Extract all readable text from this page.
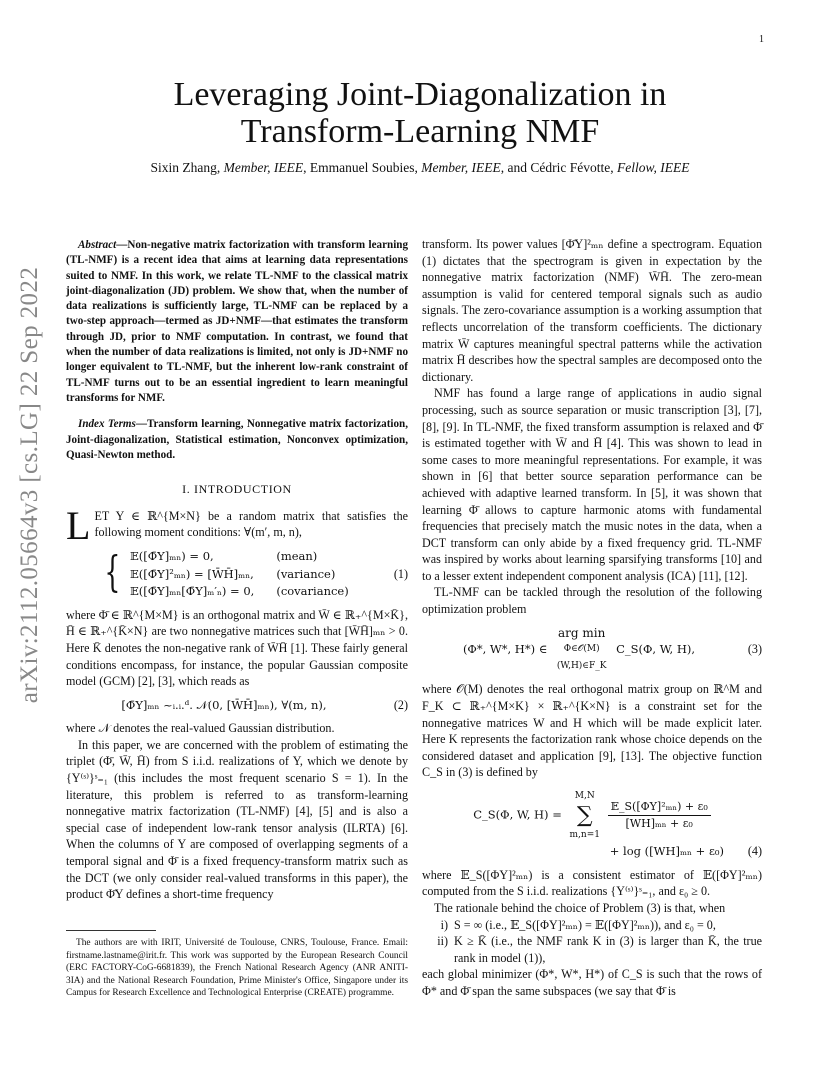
1
arXiv:2112.05664v3 [cs.LG] 22 Sep 2022
Leveraging Joint-Diagonalization in
Transform-Learning NMF
Sixin Zhang, Member, IEEE, Emmanuel Soubies, Member, IEEE, and Cédric Févotte, Fellow, IEEE

Abstract—Non-negative matrix factorization with transform learning (TL-NMF) is a recent idea that aims at learning data representations suited to NMF. In this work, we relate TL-NMF to the classical matrix joint-diagonalization (JD) problem. We show that, when the number of data realizations is sufficiently large, TL-NMF can be replaced by a two-step approach—termed as JD+NMF—that estimates the transform through JD, prior to NMF computation. In contrast, we found that when the number of data realizations is limited, not only is JD+NMF no longer equivalent to TL-NMF, but the inherent low-rank constraint of TL-NMF turns out to be an essential ingredient to learn meaningful transforms for NMF.

Index Terms—Transform learning, Nonnegative matrix factorization, Joint-diagonalization, Statistical estimation, Nonconvex optimization, Quasi-Newton method.

I. INTRODUCTION

LET Y ∈ ℝ^{M×N} be a random matrix that satisfies the following moment conditions: ∀(m′, m, n),

{ 𝔼([Φ̄Y]ₘₙ) = 0,	(mean)
𝔼([Φ̄Y]²ₘₙ) = [W̄H̄]ₘₙ, (variance)
𝔼([Φ̄Y]ₘₙ[Φ̄Y]ₘ′ₙ) = 0, (covariance)
(1)

where Φ̄ ∈ ℝ^{M×M} is an orthogonal matrix and W̄ ∈ ℝ₊^{M×K̄}, H̄ ∈ ℝ₊^{K̄×N} are two nonnegative matrices such that [W̄H̄]ₘₙ > 0. Here K̄ denotes the non-negative rank of W̄H̄ [1]. These fairly general conditions encompass, for instance, the popular Gaussian composite model (GCM) [2], [3], which reads as

[Φ̄Y]ₘₙ ~ᵢ.ᵢ.ᵈ. 𝒩(0, [W̄H̄]ₘₙ), ∀(m, n),	(2)

where 𝒩 denotes the real-valued Gaussian distribution.

In this paper, we are concerned with the problem of estimating the triplet (Φ̄, W̄, H̄) from S i.i.d. realizations of Y, which we denote by {Y⁽ˢ⁾}ˢ₌₁ (this includes the most frequent scenario S = 1). In the literature, this problem is referred to as transform-learning nonnegative matrix factorization (TL-NMF) [4], [5] and is also a special case of independent low-rank tensor analysis (ILRTA) [6]. When the columns of Y are composed of overlapping segments of a temporal signal and Φ̄ is a fixed frequency-transform matrix such as the DCT (we only consider real-valued transforms in this paper), the product Φ̄Y defines a short-time frequency

The authors are with IRIT, Université de Toulouse, CNRS, Toulouse, France. Email: firstname.lastname@irit.fr. This work was supported by the European Research Council (ERC FACTORY-CoG-6681839), the French National Research Agency (ANR ANITI-3IA) and the National Research Foundation, Prime Minister's Office, Singapore under its Campus for Research Excellence and Technological Enterprise (CREATE) programme.

transform. Its power values [Φ̄Y]²ₘₙ define a spectrogram. Equation (1) dictates that the spectrogram is given in expectation by the nonnegative matrix factorization (NMF) W̄H̄. The zero-mean assumption is valid for centered temporal signals such as audio signals. The zero-covariance assumption is a working assumption that reflects uncorrelation of the transform coefficients. The dictionary matrix W̄ captures meaningful spectral patterns while the activation matrix H̄ describes how the spectral samples are decomposed onto the dictionary.

NMF has found a large range of applications in audio signal processing, such as source separation or music transcription [3], [7], [8], [9]. In TL-NMF, the fixed transform assumption is relaxed and Φ̄ is estimated together with W̄ and H̄ [4]. This was shown to lead in some cases to more meaningful representations. For example, it was shown in [6] that better source separation performance can be achieved with adaptive learned transform. In [5], it was shown that learning Φ̄ allows to capture harmonic atoms with fundamental frequencies that precisely match the music notes in the data, when a DCT transform can only abide by a fixed frequency grid. TL-NMF was inspired by works about learning sparsifying transforms [10] and to a lesser extent independent component analysis (ICA) [11], [12].

TL-NMF can be tackled through the resolution of the following optimization problem

(Φ*, W*, H*) ∈
arg min
Φ∈𝒪(M)
(W,H)∈F_K
C_S(Φ, W, H),	(3)

where 𝒪(M) denotes the real orthogonal matrix group on ℝ^M and F_K ⊂ ℝ₊^{M×K} × ℝ₊^{K×N} is a constraint set for the nonnegative matrices W and H which will be made explicit later. Here K represents the factorization rank whose choice depends on the considered dataset and application [9], [13]. The objective function C_S in (3) is defined by

C_S(Φ, W, H) =
M,N
∑
m,n=1

$\frac{\text{𝔼\_S([ΦY]²ₘₙ) + ε₀}}{\text{[WH]ₘₙ + ε₀}}$
+ log ([WH]ₘₙ + ε₀)	(4)

where 𝔼_S([ΦY]²ₘₙ) is a consistent estimator of 𝔼([ΦY]²ₘₙ) computed from the S i.i.d. realizations {Y⁽ˢ⁾}ˢ₌₁, and ε₀ ≥ 0.

The rationale behind the choice of Problem (3) is that, when

i) S = ∞ (i.e., 𝔼_S([ΦY]²ₘₙ) = 𝔼([ΦY]²ₘₙ)), and ε₀ = 0,
ii) K ≥ K̄ (i.e., the NMF rank K in (3) is larger than K̄, the true rank in model (1)),

each global minimizer (Φ*, W*, H*) of C_S is such that the rows of Φ* and Φ̄ span the same subspaces (we say that Φ̄ is
